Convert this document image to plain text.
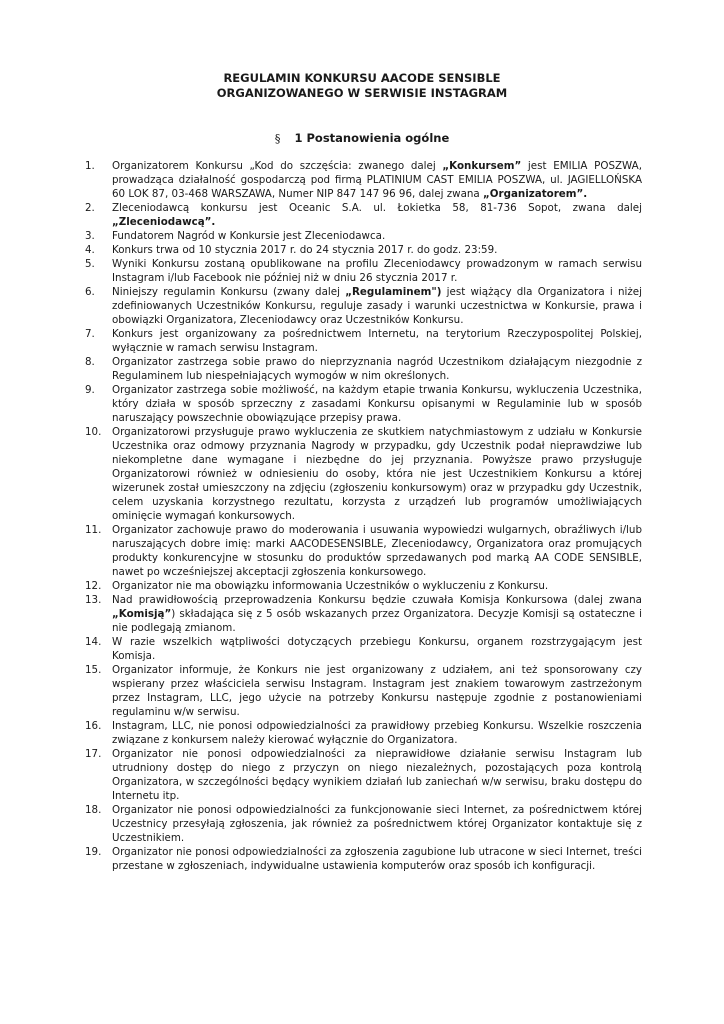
REGULAMIN KONKURSU AACODE SENSIBLE
ORGANIZOWANEGO W SERWISIE INSTAGRAM
§ 1 Postanowienia ogólne
1.	Organizatorem Konkursu „Kod do szczęścia: zwanego dalej „Konkursem” jest EMILIA POSZWA, prowadząca działalność gospodarczą pod firmą PLATINIUM CAST EMILIA POSZWA, ul. JAGIELLOŃSKA 60 LOK 87, 03-468 WARSZAWA, Numer NIP 847 147 96 96, dalej zwana „Organizatorem”.
2.	Zleceniodawcą konkursu jest Oceanic S.A. ul. Łokietka 58, 81-736 Sopot, zwana dalej „Zleceniodawcą”.
3.	Fundatorem Nagród w Konkursie jest Zleceniodawca.
4.	Konkurs trwa od 10 stycznia 2017 r. do 24 stycznia 2017 r. do godz. 23:59.
5.	Wyniki Konkursu zostaną opublikowane na profilu Zleceniodawcy prowadzonym w ramach serwisu Instagram i/lub Facebook nie później niż w dniu 26 stycznia 2017 r.
6.	Niniejszy regulamin Konkursu (zwany dalej „Regulaminem") jest wiążący dla Organizatora i niżej zdefiniowanych Uczestników Konkursu, reguluje zasady i warunki uczestnictwa w Konkursie, prawa i obowiązki Organizatora, Zleceniodawcy oraz Uczestników Konkursu.
7.	Konkurs jest organizowany za pośrednictwem Internetu, na terytorium Rzeczypospolitej Polskiej, wyłącznie w ramach serwisu Instagram.
8.	Organizator zastrzega sobie prawo do nieprzyznania nagród Uczestnikom działającym niezgodnie z Regulaminem lub niespełniających wymogów w nim określonych.
9.	Organizator zastrzega sobie możliwość, na każdym etapie trwania Konkursu, wykluczenia Uczestnika, który działa w sposób sprzeczny z zasadami Konkursu opisanymi w Regulaminie lub w sposób naruszający powszechnie obowiązujące przepisy prawa.
10.	Organizatorowi przysługuje prawo wykluczenia ze skutkiem natychmiastowym z udziału w Konkursie Uczestnika oraz odmowy przyznania Nagrody w przypadku, gdy Uczestnik podał nieprawdziwe lub niekompletne dane wymagane i niezbędne do jej przyznania. Powyższe prawo przysługuje Organizatorowi również w odniesieniu do osoby, która nie jest Uczestnikiem Konkursu a której wizerunek został umieszczony na zdjęciu (zgłoszeniu konkursowym) oraz w przypadku gdy Uczestnik, celem uzyskania korzystnego rezultatu, korzysta z urządzeń lub programów umożliwiających ominięcie wymagań konkursowych.
11.	Organizator zachowuje prawo do moderowania i usuwania wypowiedzi wulgarnych, obraźliwych i/lub naruszających dobre imię: marki AACODESENSIBLE, Zleceniodawcy, Organizatora oraz promujących produkty konkurencyjne w stosunku do produktów sprzedawanych pod marką AA CODE SENSIBLE, nawet po wcześniejszej akceptacji zgłoszenia konkursowego.
12.	Organizator nie ma obowiązku informowania Uczestników o wykluczeniu z Konkursu.
13.	Nad prawidłowością przeprowadzenia Konkursu będzie czuwała Komisja Konkursowa (dalej zwana „Komisją”) składająca się z 5 osób wskazanych przez Organizatora. Decyzje Komisji są ostateczne i nie podlegają zmianom.
14.	W razie wszelkich wątpliwości dotyczących przebiegu Konkursu, organem rozstrzygającym jest Komisja.
15.	Organizator informuje, że Konkurs nie jest organizowany z udziałem, ani też sponsorowany czy wspierany przez właściciela serwisu Instagram. Instagram jest znakiem towarowym zastrzeżonym przez Instagram, LLC, jego użycie na potrzeby Konkursu następuje zgodnie z postanowieniami regulaminu w/w serwisu.
16.	Instagram, LLC, nie ponosi odpowiedzialności za prawidłowy przebieg Konkursu. Wszelkie roszczenia związane z konkursem należy kierować wyłącznie do Organizatora.
17.	Organizator nie ponosi odpowiedzialności za nieprawidłowe działanie serwisu Instagram lub utrudniony dostęp do niego z przyczyn on niego niezależnych, pozostających poza kontrolą Organizatora, w szczególności będący wynikiem działań lub zaniechań w/w serwisu, braku dostępu do Internetu itp.
18.	Organizator nie ponosi odpowiedzialności za funkcjonowanie sieci Internet, za pośrednictwem której Uczestnicy przesyłają zgłoszenia, jak również za pośrednictwem której Organizator kontaktuje się z Uczestnikiem.
19.	Organizator nie ponosi odpowiedzialności za zgłoszenia zagubione lub utracone w sieci Internet, treści przestane w zgłoszeniach, indywidualne ustawienia komputerów oraz sposób ich konfiguracji.
